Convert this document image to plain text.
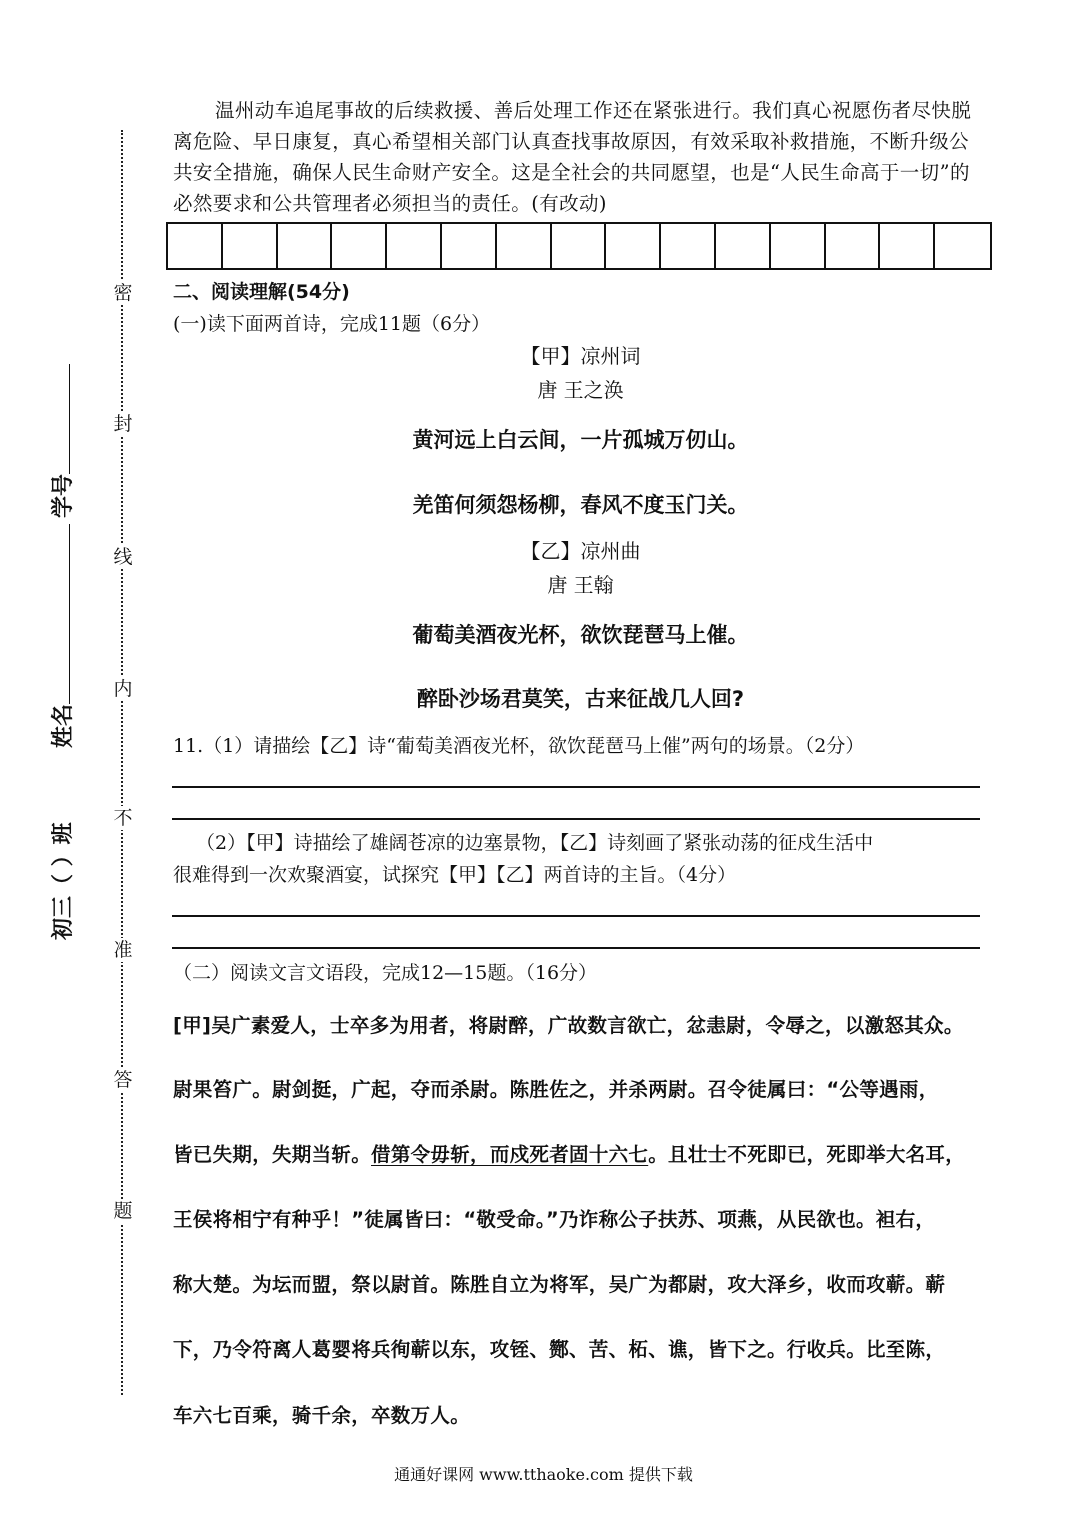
密
封
线
内
不
准
答
题
学号
姓名
初三（ ）班
温州动车追尾事故的后续救援、善后处理工作还在紧张进行。我们真心祝愿伤者尽快脱离危险、早日康复，真心希望相关部门认真查找事故原因，有效采取补救措施，不断升级公共安全措施，确保人民生命财产安全。这是全社会的共同愿望，也是“人民生命高于一切”的必然要求和公共管理者必须担当的责任。(有改动)
二、阅读理解(54分)
(一)读下面两首诗，完成11题（6分）
【甲】凉州词
唐 王之涣
黄河远上白云间，一片孤城万仞山。
羌笛何须怨杨柳，春风不度玉门关。
【乙】凉州曲
唐 王翰
葡萄美酒夜光杯，欲饮琵琶马上催。
醉卧沙场君莫笑，古来征战几人回?
11.（1）请描绘【乙】诗“葡萄美酒夜光杯，欲饮琵琶马上催”两句的场景。（2分）
（2）【甲】诗描绘了雄阔苍凉的边塞景物，【乙】诗刻画了紧张动荡的征戍生活中
很难得到一次欢聚酒宴，试探究【甲】【乙】两首诗的主旨。（4分）
（二）阅读文言文语段，完成12—15题。（16分）
[甲]吴广素爱人，士卒多为用者，将尉醉，广故数言欲亡，忿恚尉，令辱之，以激怒其众。
尉果笞广。尉剑挺，广起，夺而杀尉。陈胜佐之，并杀两尉。召令徒属曰：“公等遇雨，
皆已失期，失期当斩。借第令毋斩，而戍死者固十六七。且壮士不死即已，死即举大名耳，
王侯将相宁有种乎！”徒属皆曰：“敬受命。”乃诈称公子扶苏、项燕，从民欲也。袒右，
称大楚。为坛而盟，祭以尉首。陈胜自立为将军，吴广为都尉，攻大泽乡，收而攻蕲。蕲
下，乃令符离人葛婴将兵徇蕲以东，攻铚、酂、苦、柘、谯，皆下之。行收兵。比至陈，
车六七百乘，骑千余，卒数万人。
通通好课网 www.tthaoke.com 提供下载
